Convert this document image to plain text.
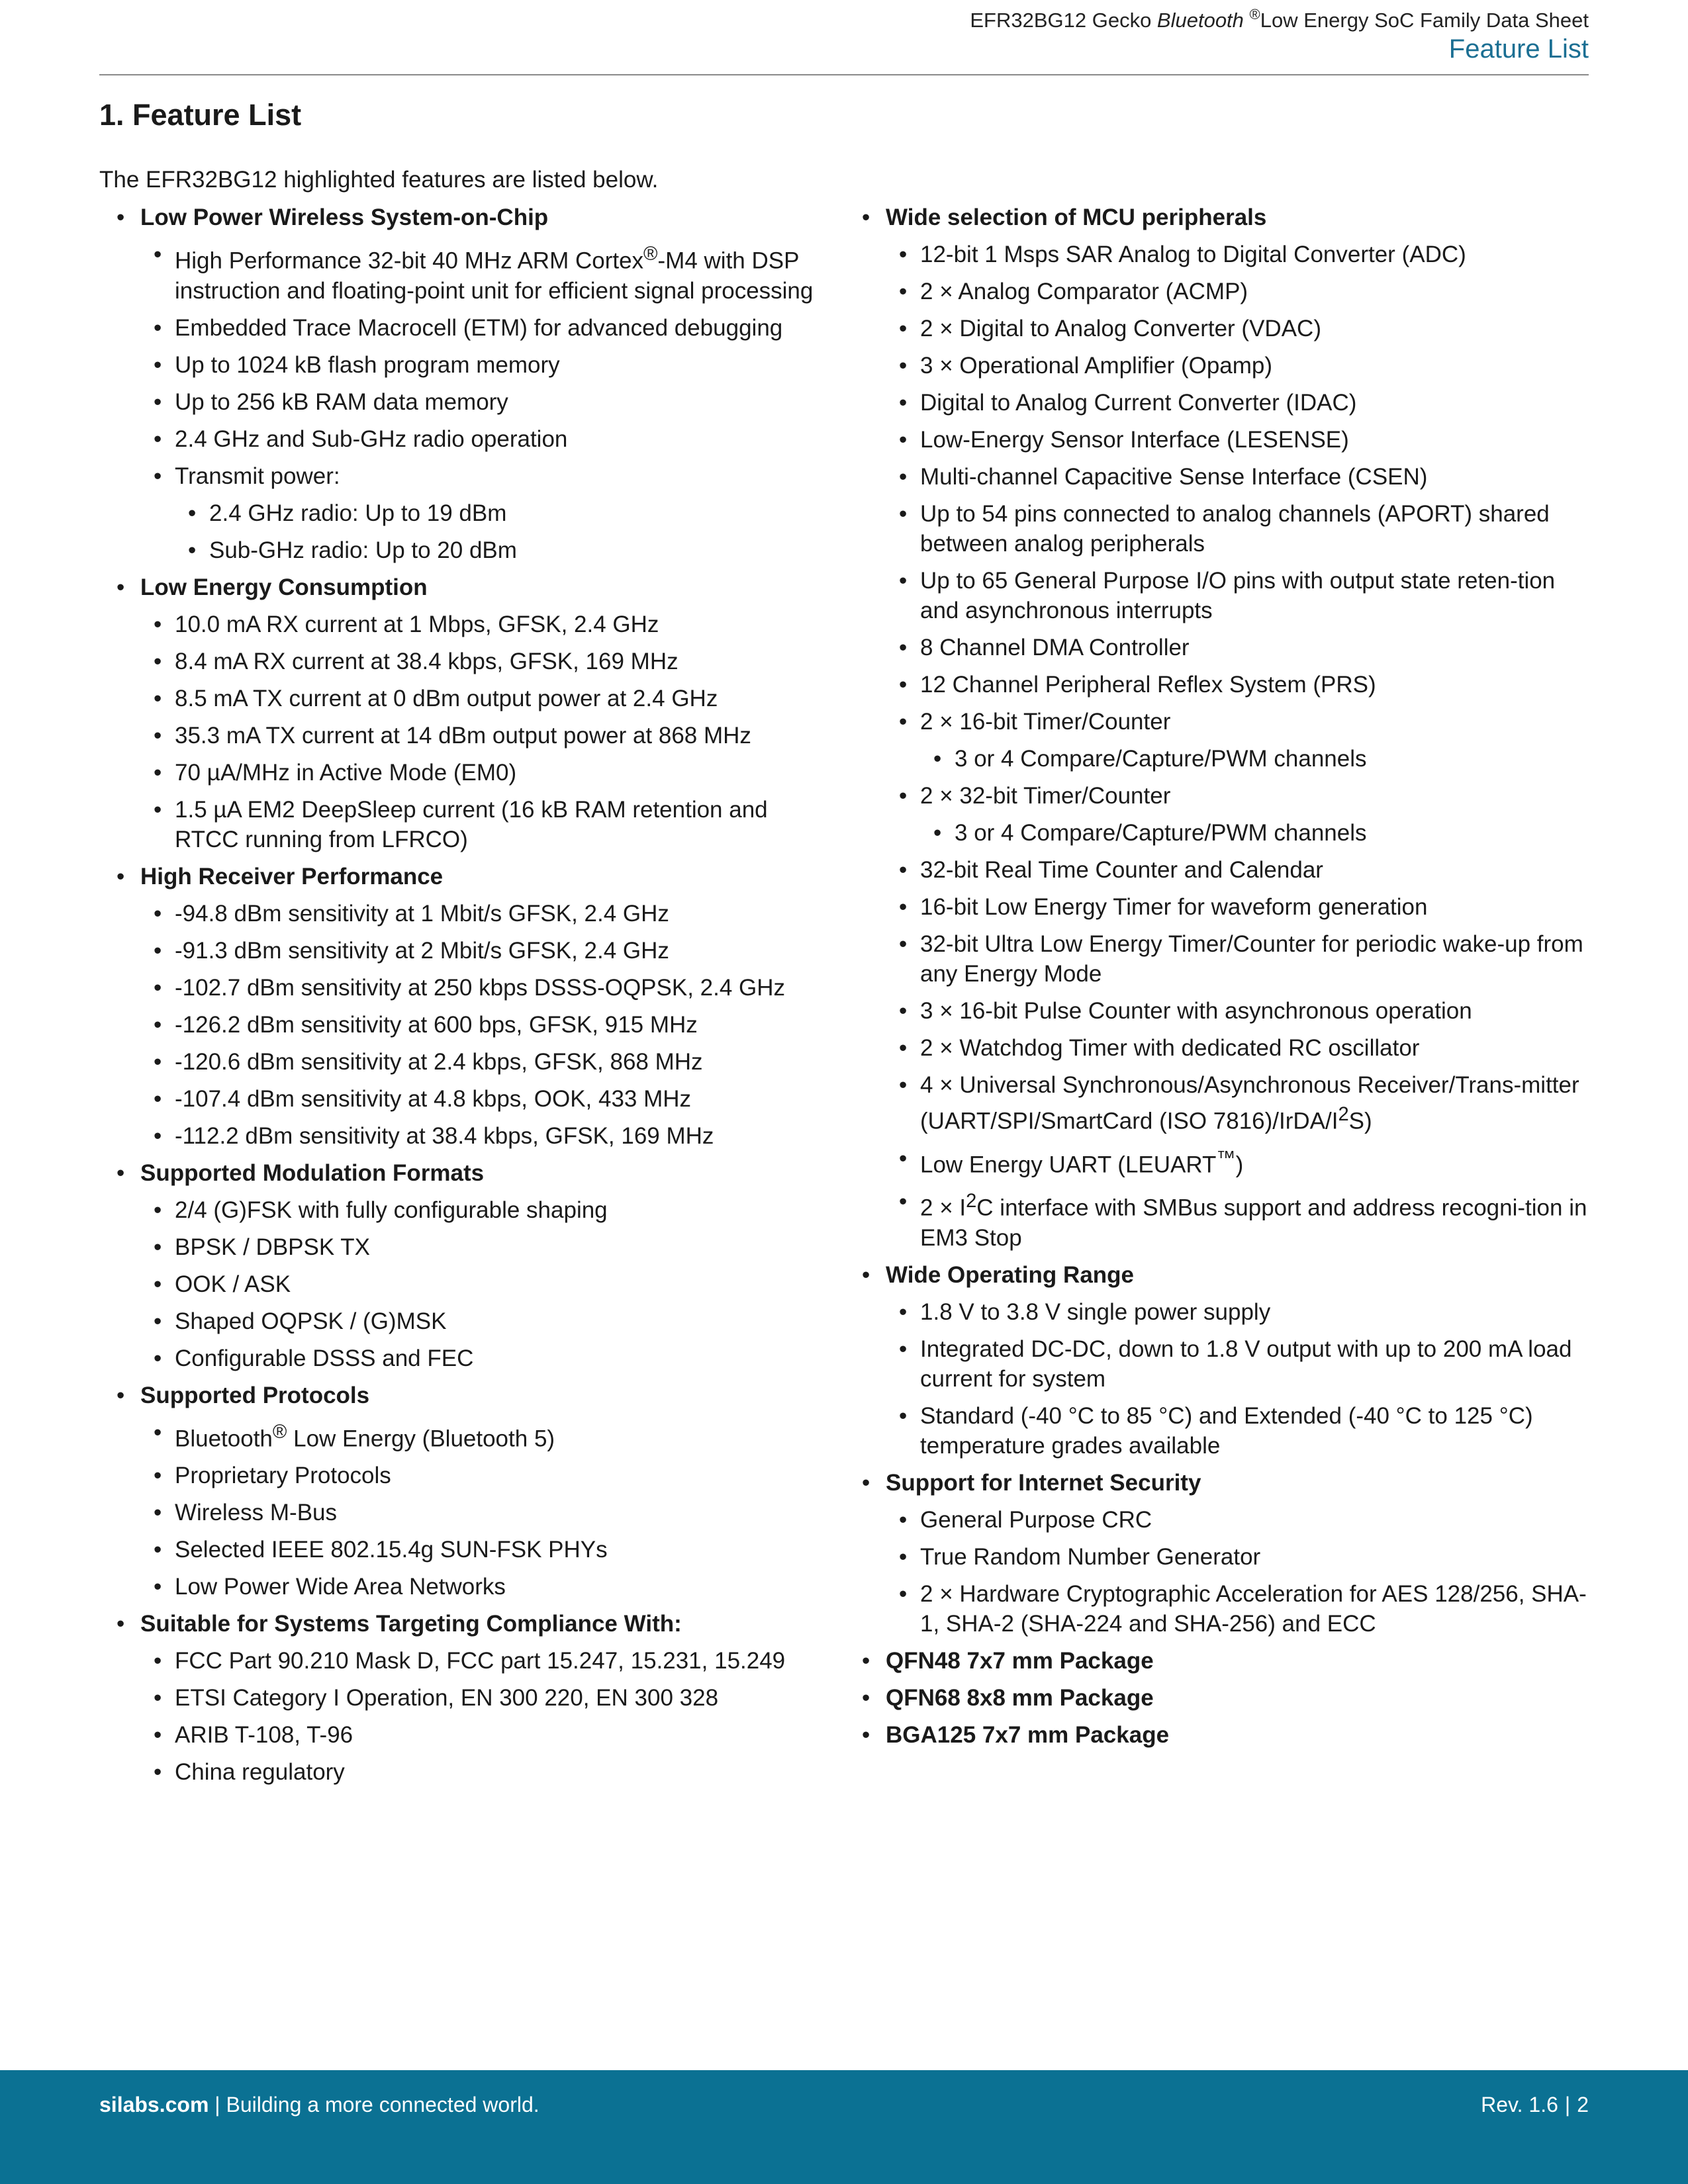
EFR32BG12 Gecko Bluetooth ®Low Energy SoC Family Data Sheet
Feature List
1. Feature List
The EFR32BG12 highlighted features are listed below.
• Low Power Wireless System-on-Chip
• High Performance 32-bit 40 MHz ARM Cortex®-M4 with DSP instruction and floating-point unit for efficient signal processing
• Embedded Trace Macrocell (ETM) for advanced debugging
• Up to 1024 kB flash program memory
• Up to 256 kB RAM data memory
• 2.4 GHz and Sub-GHz radio operation
• Transmit power:
• 2.4 GHz radio: Up to 19 dBm
• Sub-GHz radio: Up to 20 dBm
• Low Energy Consumption
• 10.0 mA RX current at 1 Mbps, GFSK, 2.4 GHz
• 8.4 mA RX current at 38.4 kbps, GFSK, 169 MHz
• 8.5 mA TX current at 0 dBm output power at 2.4 GHz
• 35.3 mA TX current at 14 dBm output power at 868 MHz
• 70 µA/MHz in Active Mode (EM0)
• 1.5 µA EM2 DeepSleep current (16 kB RAM retention and RTCC running from LFRCO)
• High Receiver Performance
• -94.8 dBm sensitivity at 1 Mbit/s GFSK, 2.4 GHz
• -91.3 dBm sensitivity at 2 Mbit/s GFSK, 2.4 GHz
• -102.7 dBm sensitivity at 250 kbps DSSS-OQPSK, 2.4 GHz
• -126.2 dBm sensitivity at 600 bps, GFSK, 915 MHz
• -120.6 dBm sensitivity at 2.4 kbps, GFSK, 868 MHz
• -107.4 dBm sensitivity at 4.8 kbps, OOK, 433 MHz
• -112.2 dBm sensitivity at 38.4 kbps, GFSK, 169 MHz
• Supported Modulation Formats
• 2/4 (G)FSK with fully configurable shaping
• BPSK / DBPSK TX
• OOK / ASK
• Shaped OQPSK / (G)MSK
• Configurable DSSS and FEC
• Supported Protocols
• Bluetooth® Low Energy (Bluetooth 5)
• Proprietary Protocols
• Wireless M-Bus
• Selected IEEE 802.15.4g SUN-FSK PHYs
• Low Power Wide Area Networks
• Suitable for Systems Targeting Compliance With:
• FCC Part 90.210 Mask D, FCC part 15.247, 15.231, 15.249
• ETSI Category I Operation, EN 300 220, EN 300 328
• ARIB T-108, T-96
• China regulatory
• Wide selection of MCU peripherals
• 12-bit 1 Msps SAR Analog to Digital Converter (ADC)
• 2 × Analog Comparator (ACMP)
• 2 × Digital to Analog Converter (VDAC)
• 3 × Operational Amplifier (Opamp)
• Digital to Analog Current Converter (IDAC)
• Low-Energy Sensor Interface (LESENSE)
• Multi-channel Capacitive Sense Interface (CSEN)
• Up to 54 pins connected to analog channels (APORT) shared between analog peripherals
• Up to 65 General Purpose I/O pins with output state reten-tion and asynchronous interrupts
• 8 Channel DMA Controller
• 12 Channel Peripheral Reflex System (PRS)
• 2 × 16-bit Timer/Counter
• 3 or 4 Compare/Capture/PWM channels
• 2 × 32-bit Timer/Counter
• 3 or 4 Compare/Capture/PWM channels
• 32-bit Real Time Counter and Calendar
• 16-bit Low Energy Timer for waveform generation
• 32-bit Ultra Low Energy Timer/Counter for periodic wake-up from any Energy Mode
• 3 × 16-bit Pulse Counter with asynchronous operation
• 2 × Watchdog Timer with dedicated RC oscillator
• 4 × Universal Synchronous/Asynchronous Receiver/Trans-mitter (UART/SPI/SmartCard (ISO $7816)/IrDA/I^2S$)
• Low Energy UART (LEUART™)
• $2 \times I^2C$ interface with SMBus support and address recogni-tion in EM3 Stop
• Wide Operating Range
• 1.8 V to 3.8 V single power supply
• Integrated DC-DC, down to 1.8 V output with up to 200 mA load current for system
• Standard (-40 °C to 85 °C) and Extended (-40 °C to 125 °C) temperature grades available
• Support for Internet Security
• General Purpose CRC
• True Random Number Generator
• 2 × Hardware Cryptographic Acceleration for AES 128/256, SHA-1, SHA-2 (SHA-224 and SHA-256) and ECC
• QFN48 7x7 mm Package
• QFN68 8x8 mm Package
• BGA125 7x7 mm Package
silabs.com | Building a more connected world.	Rev. 1.6 | 2
